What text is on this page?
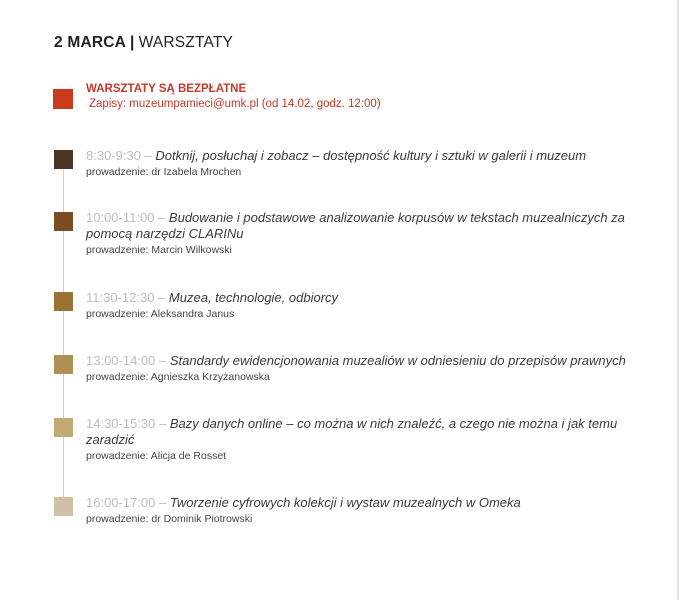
2 MARCA | WARSZTATY
WARSZTATY SĄ BEZPŁATNE
Zapisy: muzeumpamieci@umk.pl (od 14.02, godz. 12:00)
8:30-9:30 – Dotknij, posłuchaj i zobacz – dostępność kultury i sztuki w galerii i muzeum
prowadzenie: dr Izabela Mrochen
10:00-11:00 – Budowanie i podstawowe analizowanie korpusów w tekstach muzealniczych za pomocą narzędzi CLARINu
prowadzenie: Marcin Wilkowski
11:30-12:30 – Muzea, technologie, odbiorcy
prowadzenie: Aleksandra Janus
13:00-14:00 – Standardy ewidencjonowania muzealiów w odniesieniu do przepisów prawnych
prowadzenie: Agnieszka Krzyżanowska
14:30-15:30 – Bazy danych online – co można w nich znaleźć, a czego nie można i jak temu zaradzić
prowadzenie: Alicja de Rosset
16:00-17:00 – Tworzenie cyfrowych kolekcji i wystaw muzealnych w Omeka
prowadzenie: dr Dominik Piotrowski
